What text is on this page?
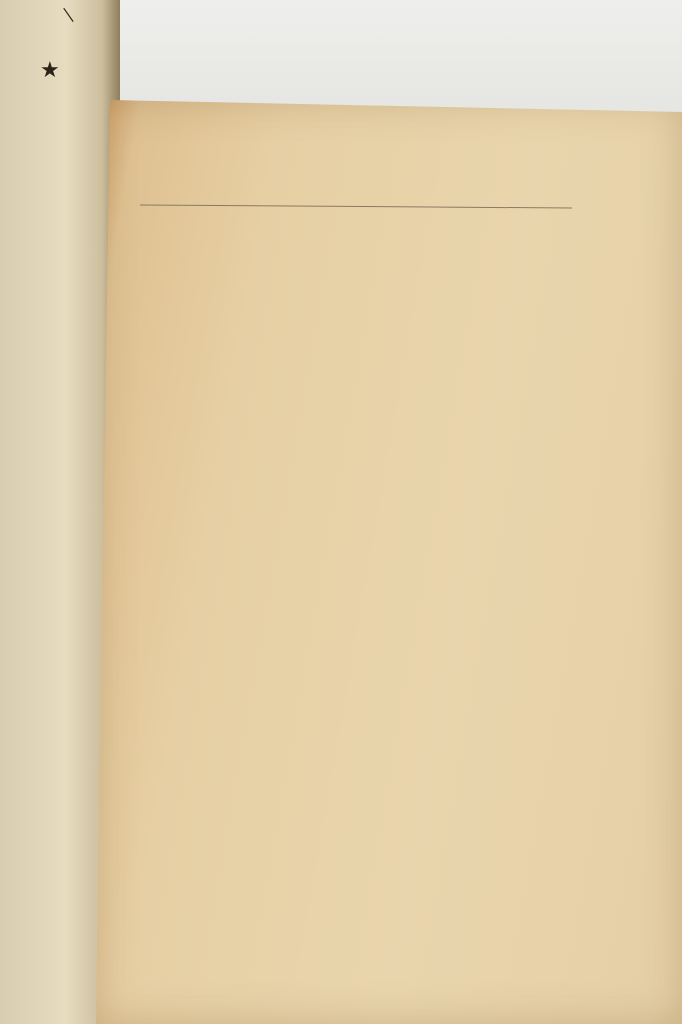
—
★
